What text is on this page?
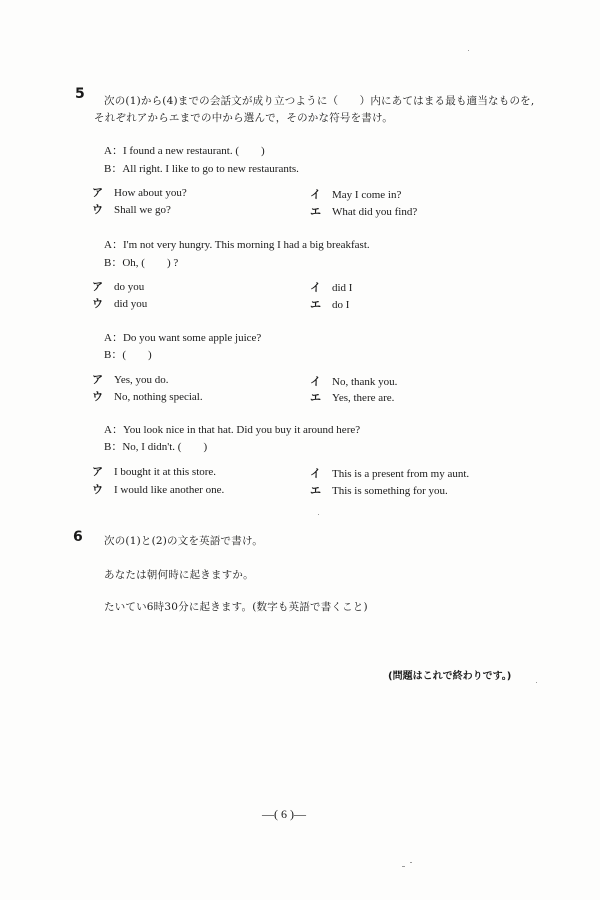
5 次の(1)から(4)までの会話文が成り立つように（　　）内にあてはまる最も適当なものを,
それぞれアからエまでの中から選んで，そのかな符号を書け。
A：I found a new restaurant. (　　)
B：All right. I like to go to new restaurants.
ア How about you?	イ May I come in?
ウ Shall we go?	エ What did you find?
A：I'm not very hungry. This morning I had a big breakfast.
B：Oh, (　　) ?
ア do you	イ did I
ウ did you	エ do I
A：Do you want some apple juice?
B：(　　)
ア Yes, you do.	イ No, thank you.
ウ No, nothing special.	エ Yes, there are.
A：You look nice in that hat. Did you buy it around here?
B：No, I didn't. (　　)
ア I bought it at this store.	イ This is a present from my aunt.
ウ I would like another one.	エ This is something for you.
6 次の(1)と(2)の文を英語で書け。
あなたは朝何時に起きますか。
たいてい6時30分に起きます。(数字も英語で書くこと)
(問題はこれで終わりです。)
—( 6 )—
